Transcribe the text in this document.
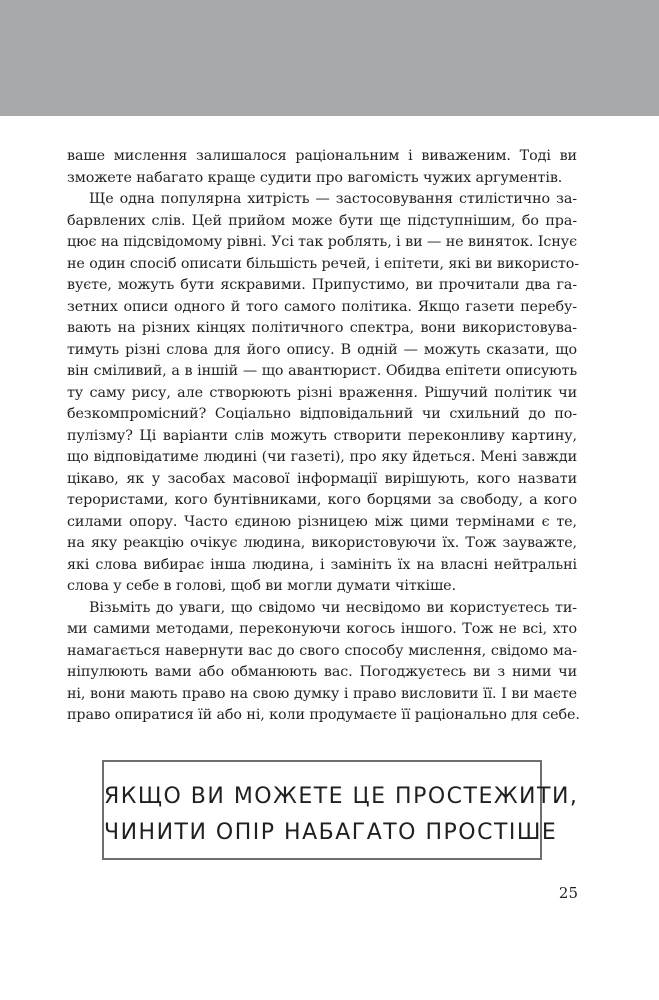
ваше мислення залишалося раціональним і виваженим. Тоді ви
зможете набагато краще судити про вагомість чужих аргументів.
Ще одна популярна хитрість — застосовування стилістично за-
барвлених слів. Цей прийом може бути ще підступнішим, бо пра-
цює на підсвідомому рівні. Усі так роблять, і ви — не виняток. Існує
не один спосіб описати більшість речей, і епітети, які ви використо-
вуєте, можуть бути яскравими. Припустимо, ви прочитали два га-
зетних описи одного й того самого політика. Якщо газети перебу-
вають на різних кінцях політичного спектра, вони використовува-
тимуть різні слова для його опису. В одній — можуть сказати, що
він сміливий, а в іншій — що авантюрист. Обидва епітети описують
ту саму рису, але створюють різні враження. Рішучий політик чи
безкомпромісний? Соціально відповідальний чи схильний до по-
пулізму? Ці варіанти слів можуть створити переконливу картину,
що відповідатиме людині (чи газеті), про яку йдеться. Мені завжди
цікаво, як у засобах масової інформації вирішують, кого назвати
терористами, кого бунтівниками, кого борцями за свободу, а кого
силами опору. Часто єдиною різницею між цими термінами є те,
на яку реакцію очікує людина, використовуючи їх. Тож зауважте,
які слова вибирає інша людина, і замініть їх на власні нейтральні
слова у себе в голові, щоб ви могли думати чіткіше.
Візьміть до уваги, що свідомо чи несвідомо ви користуєтесь ти-
ми самими методами, переконуючи когось іншого. Тож не всі, хто
намагається навернути вас до свого способу мислення, свідомо ма-
ніпулюють вами або обманюють вас. Погоджуєтесь ви з ними чи
ні, вони мають право на свою думку і право висловити її. І ви маєте
право опиратися їй або ні, коли продумаєте її раціонально для себе.
ЯКЩО ВИ МОЖЕТЕ ЦЕ ПРОСТЕЖИТИ,
ЧИНИТИ ОПІР НАБАГАТО ПРОСТІШЕ
25
